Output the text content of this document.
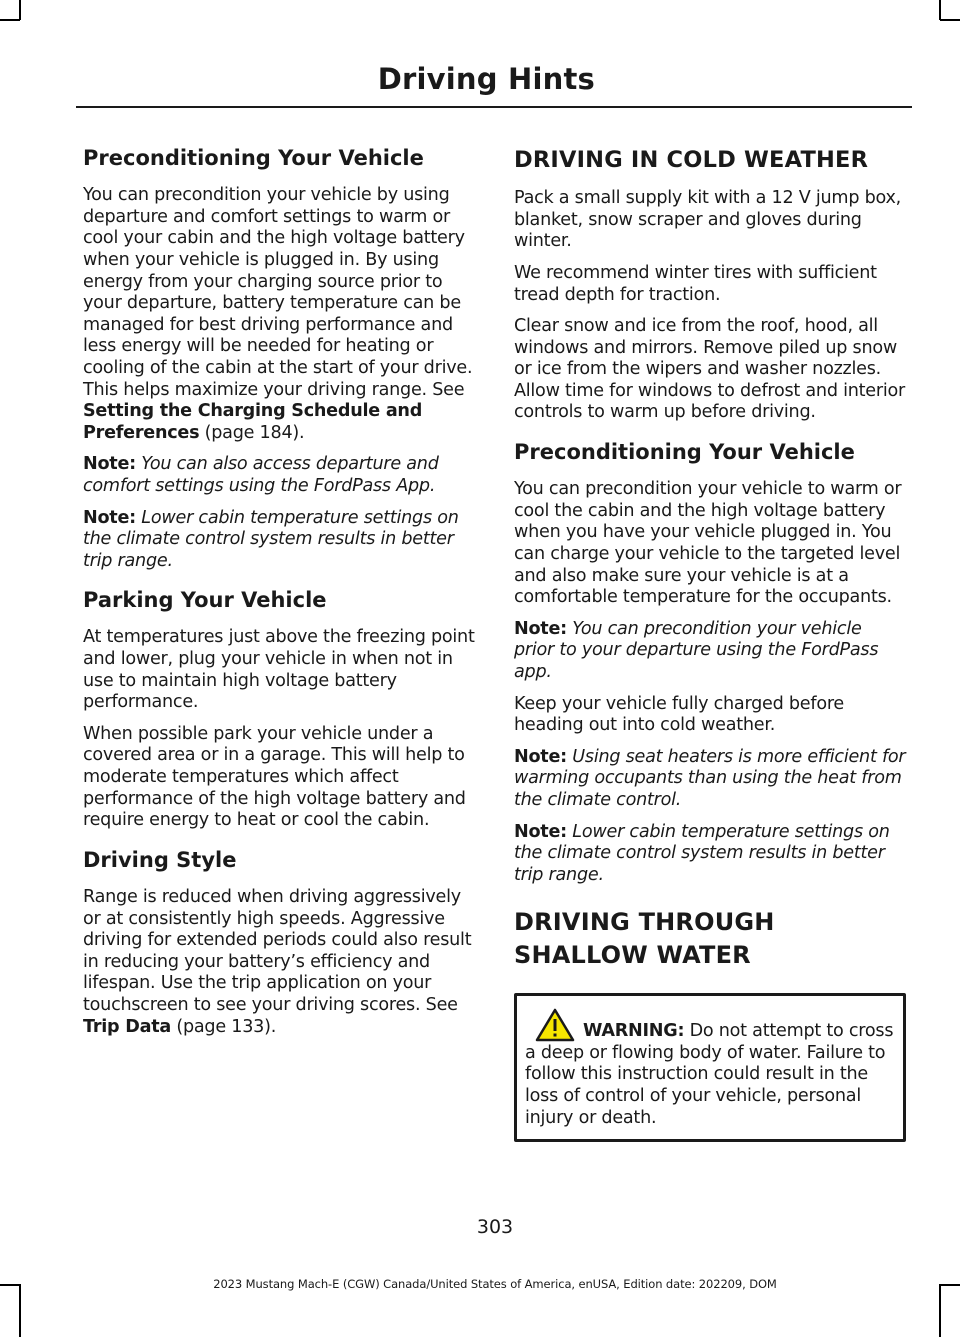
Driving Hints
Preconditioning Your Vehicle

You can precondition your vehicle by using departure and comfort settings to warm or cool your cabin and the high voltage battery when your vehicle is plugged in. By using energy from your charging source prior to your departure, battery temperature can be managed for best driving performance and less energy will be needed for heating or cooling of the cabin at the start of your drive. This helps maximize your driving range. See Setting the Charging Schedule and Preferences (page 184).

Note: You can also access departure and comfort settings using the FordPass App.

Note: Lower cabin temperature settings on the climate control system results in better trip range.

Parking Your Vehicle

At temperatures just above the freezing point and lower, plug your vehicle in when not in use to maintain high voltage battery performance.

When possible park your vehicle under a covered area or in a garage. This will help to moderate temperatures which affect performance of the high voltage battery and require energy to heat or cool the cabin.

Driving Style

Range is reduced when driving aggressively or at consistently high speeds. Aggressive driving for extended periods could also result in reducing your battery’s efficiency and lifespan. Use the trip application on your touchscreen to see your driving scores. See Trip Data (page 133).

DRIVING IN COLD WEATHER

Pack a small supply kit with a 12 V jump box, blanket, snow scraper and gloves during winter.

We recommend winter tires with sufficient tread depth for traction.

Clear snow and ice from the roof, hood, all windows and mirrors. Remove piled up snow or ice from the wipers and washer nozzles. Allow time for windows to defrost and interior controls to warm up before driving.

Preconditioning Your Vehicle

You can precondition your vehicle to warm or cool the cabin and the high voltage battery when you have your vehicle plugged in. You can charge your vehicle to the targeted level and also make sure your vehicle is at a comfortable temperature for the occupants.

Note: You can precondition your vehicle prior to your departure using the FordPass app.

Keep your vehicle fully charged before heading out into cold weather.

Note: Using seat heaters is more efficient for warming occupants than using the heat from the climate control.

Note: Lower cabin temperature settings on the climate control system results in better trip range.

DRIVING THROUGH SHALLOW WATER

WARNING: Do not attempt to cross a deep or flowing body of water. Failure to follow this instruction could result in the loss of control of your vehicle, personal injury or death.

303
2023 Mustang Mach-E (CGW) Canada/United States of America, enUSA, Edition date: 202209, DOM
